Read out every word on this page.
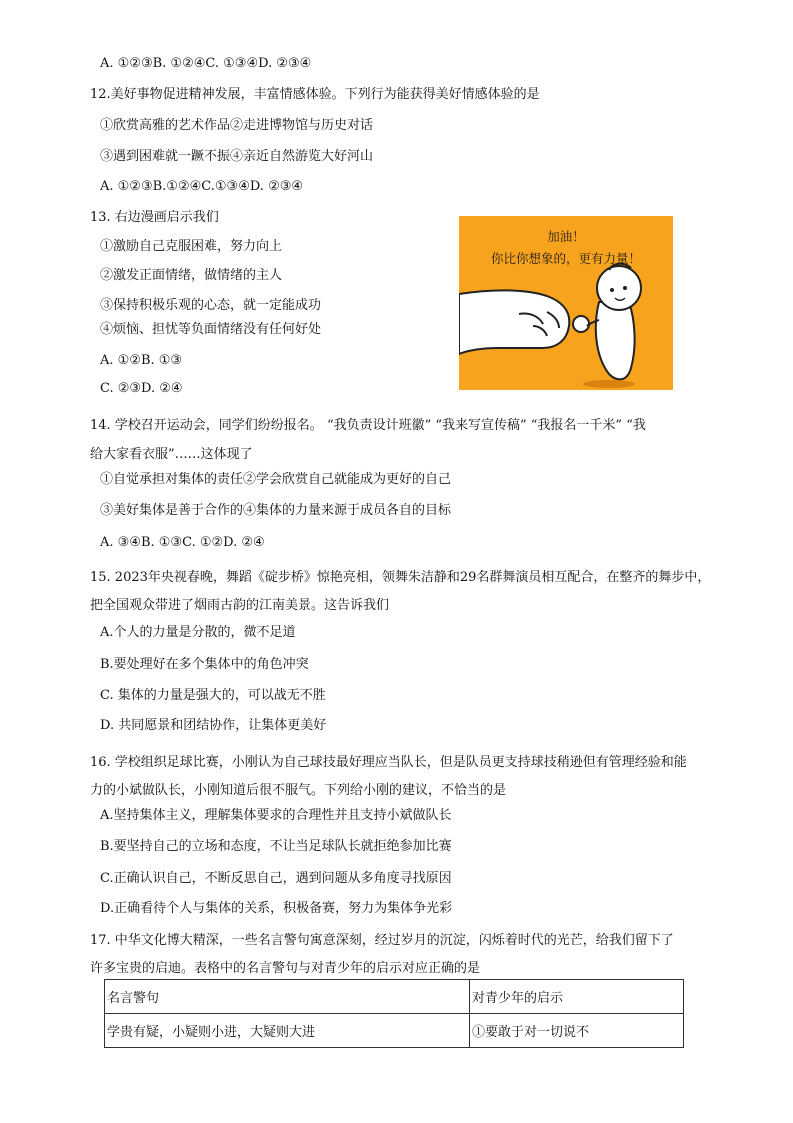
A. ①②③B. ①②④C. ①③④D. ②③④
12.美好事物促进精神发展，丰富情感体验。下列行为能获得美好情感体验的是
①欣赏高雅的艺术作品②走进博物馆与历史对话
③遇到困难就一蹶不振④亲近自然游览大好河山
A. ①②③B.①②④C.①③④D. ②③④
13. 右边漫画启示我们
①激励自己克服困难，努力向上
②激发正面情绪，做情绪的主人
③保持积极乐观的心态，就一定能成功
④烦恼、担忧等负面情绪没有任何好处
A. ①②B. ①③
C. ②③D. ②④
加油！
你比你想象的，更有力量！
14. 学校召开运动会，同学们纷纷报名。 “我负责设计班徽” “我来写宣传稿” “我报名一千米” “我
给大家看衣服”……这体现了
①自觉承担对集体的责任②学会欣赏自己就能成为更好的自己
③美好集体是善于合作的④集体的力量来源于成员各自的目标
A. ③④B. ①③C. ①②D. ②④
15. 2023年央视春晚，舞蹈《碇步桥》惊艳亮相，领舞朱洁静和29名群舞演员相互配合，在整齐的舞步中，
把全国观众带进了烟雨古韵的江南美景。这告诉我们
A.个人的力量是分散的，微不足道
B.要处理好在多个集体中的角色冲突
C. 集体的力量是强大的，可以战无不胜
D. 共同愿景和团结协作，让集体更美好
16. 学校组织足球比赛，小刚认为自己球技最好理应当队长，但是队员更支持球技稍逊但有管理经验和能
力的小斌做队长，小刚知道后很不服气。下列给小刚的建议，不恰当的是
A.坚持集体主义，理解集体要求的合理性并且支持小斌做队长
B.要坚持自己的立场和态度，不让当足球队长就拒绝参加比赛
C.正确认识自己，不断反思自己，遇到问题从多角度寻找原因
D.正确看待个人与集体的关系，积极备赛，努力为集体争光彩
17. 中华文化博大精深，一些名言警句寓意深刻，经过岁月的沉淀，闪烁着时代的光芒，给我们留下了
许多宝贵的启迪。表格中的名言警句与对青少年的启示对应正确的是
名言警句	对青少年的启示
学贵有疑，小疑则小进，大疑则大进	①要敢于对一切说不
